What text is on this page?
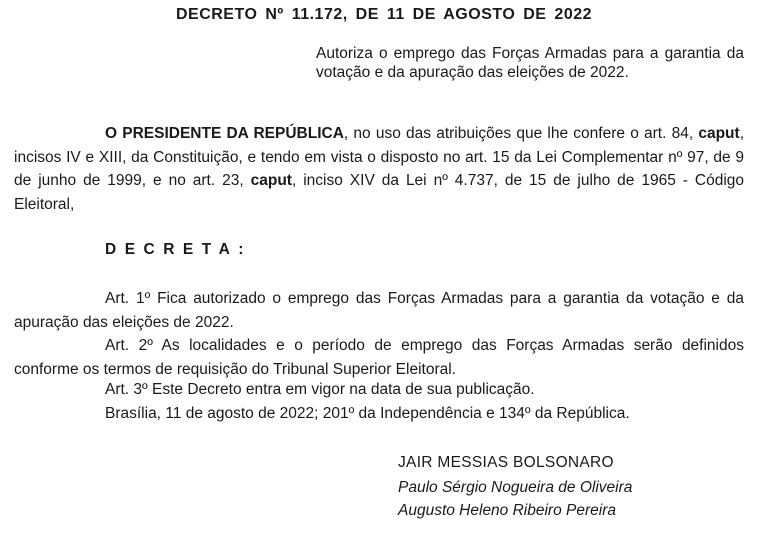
DECRETO Nº 11.172, DE 11 DE AGOSTO DE 2022
Autoriza o emprego das Forças Armadas para a garantia da votação e da apuração das eleições de 2022.
O PRESIDENTE DA REPÚBLICA, no uso das atribuições que lhe confere o art. 84, caput, incisos IV e XIII, da Constituição, e tendo em vista o disposto no art. 15 da Lei Complementar nº 97, de 9 de junho de 1999, e no art. 23, caput, inciso XIV da Lei nº 4.737, de 15 de julho de 1965 - Código Eleitoral,
DECRETA:
Art. 1º Fica autorizado o emprego das Forças Armadas para a garantia da votação e da apuração das eleições de 2022.
Art. 2º As localidades e o período de emprego das Forças Armadas serão definidos conforme os termos de requisição do Tribunal Superior Eleitoral.
Art. 3º Este Decreto entra em vigor na data de sua publicação.
Brasília, 11 de agosto de 2022; 201º da Independência e 134º da República.
JAIR MESSIAS BOLSONARO
Paulo Sérgio Nogueira de Oliveira
Augusto Heleno Ribeiro Pereira
